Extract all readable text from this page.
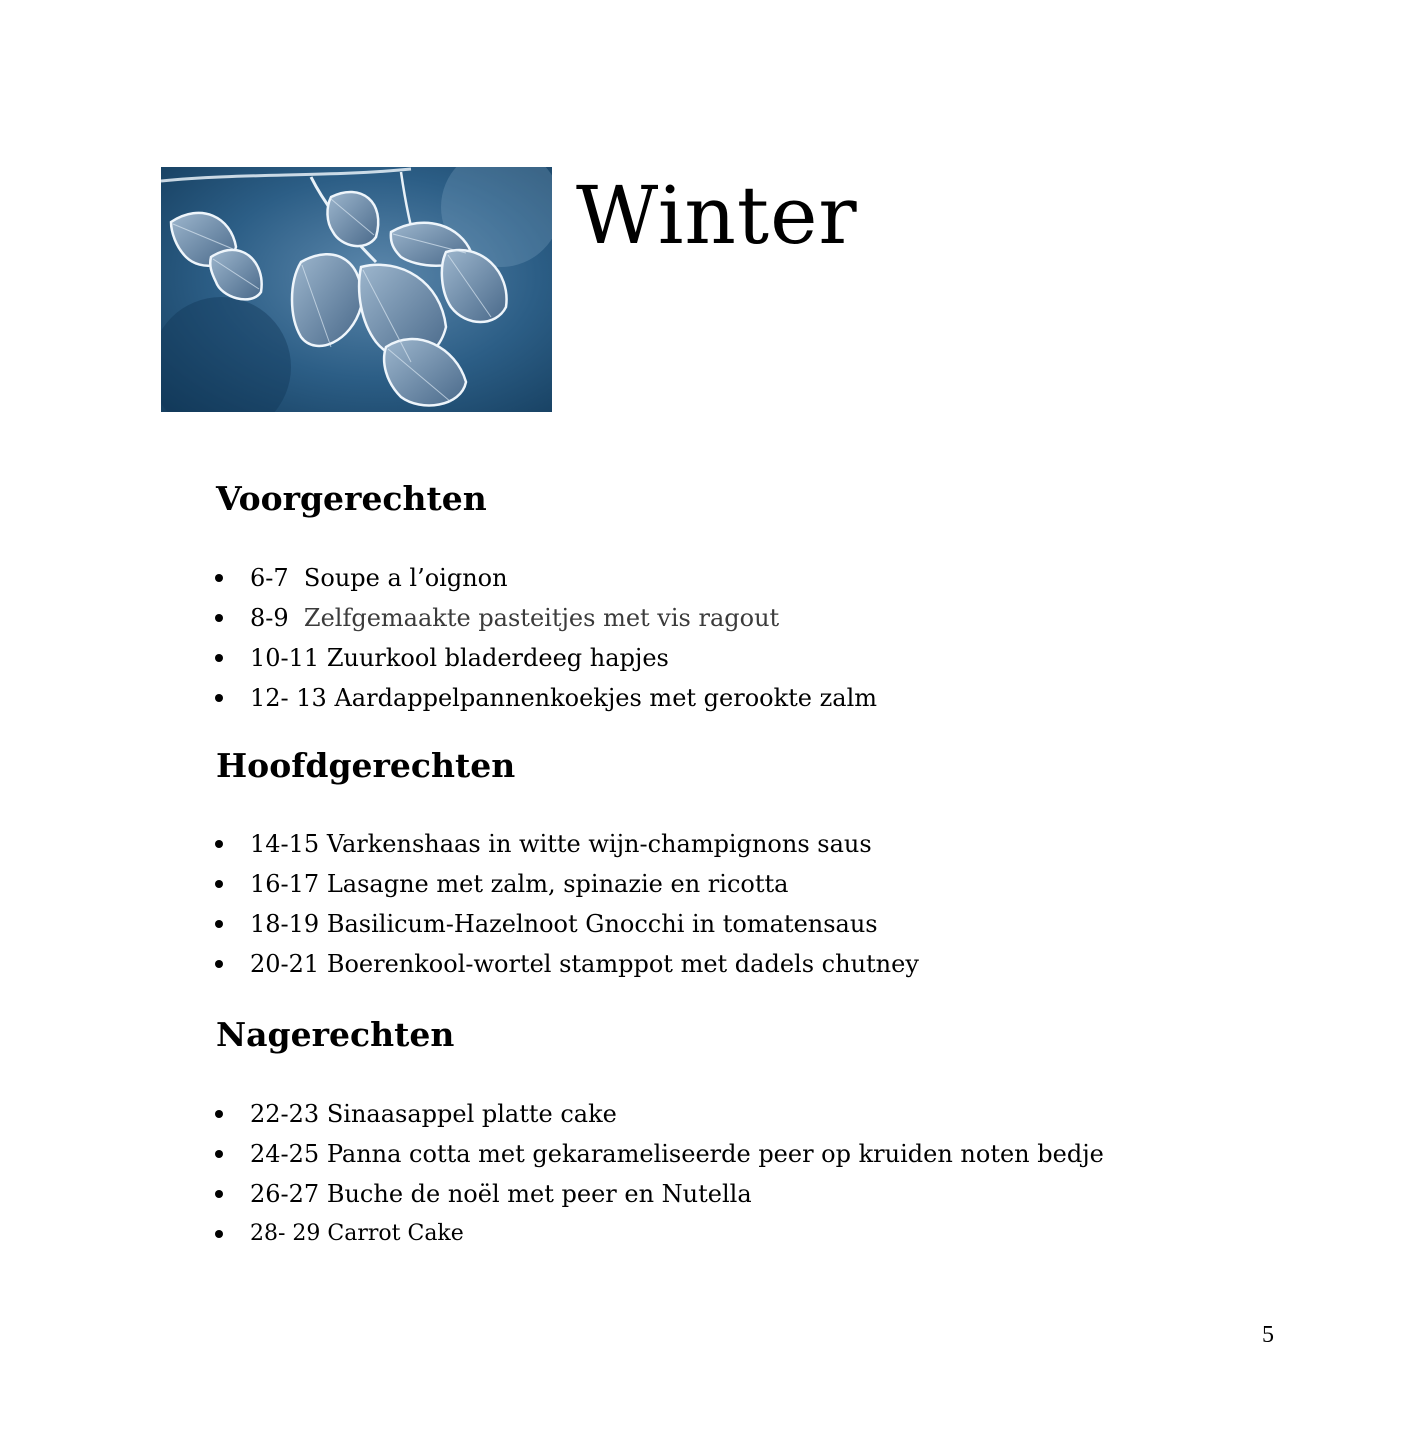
Winter
Voorgerechten
6-7 Soupe a l’oignon
8-9 Zelfgemaakte pasteitjes met vis ragout
10-11 Zuurkool bladerdeeg hapjes
12- 13 Aardappelpannenkoekjes met gerookte zalm
Hoofdgerechten
14-15 Varkenshaas in witte wijn-champignons saus
16-17 Lasagne met zalm, spinazie en ricotta
18-19 Basilicum-Hazelnoot Gnocchi in tomatensaus
20-21 Boerenkool-wortel stamppot met dadels chutney
Nagerechten
22-23 Sinaasappel platte cake
24-25 Panna cotta met gekarameliseerde peer op kruiden noten bedje
26-27 Buche de noël met peer en Nutella
28- 29 Carrot Cake
5
